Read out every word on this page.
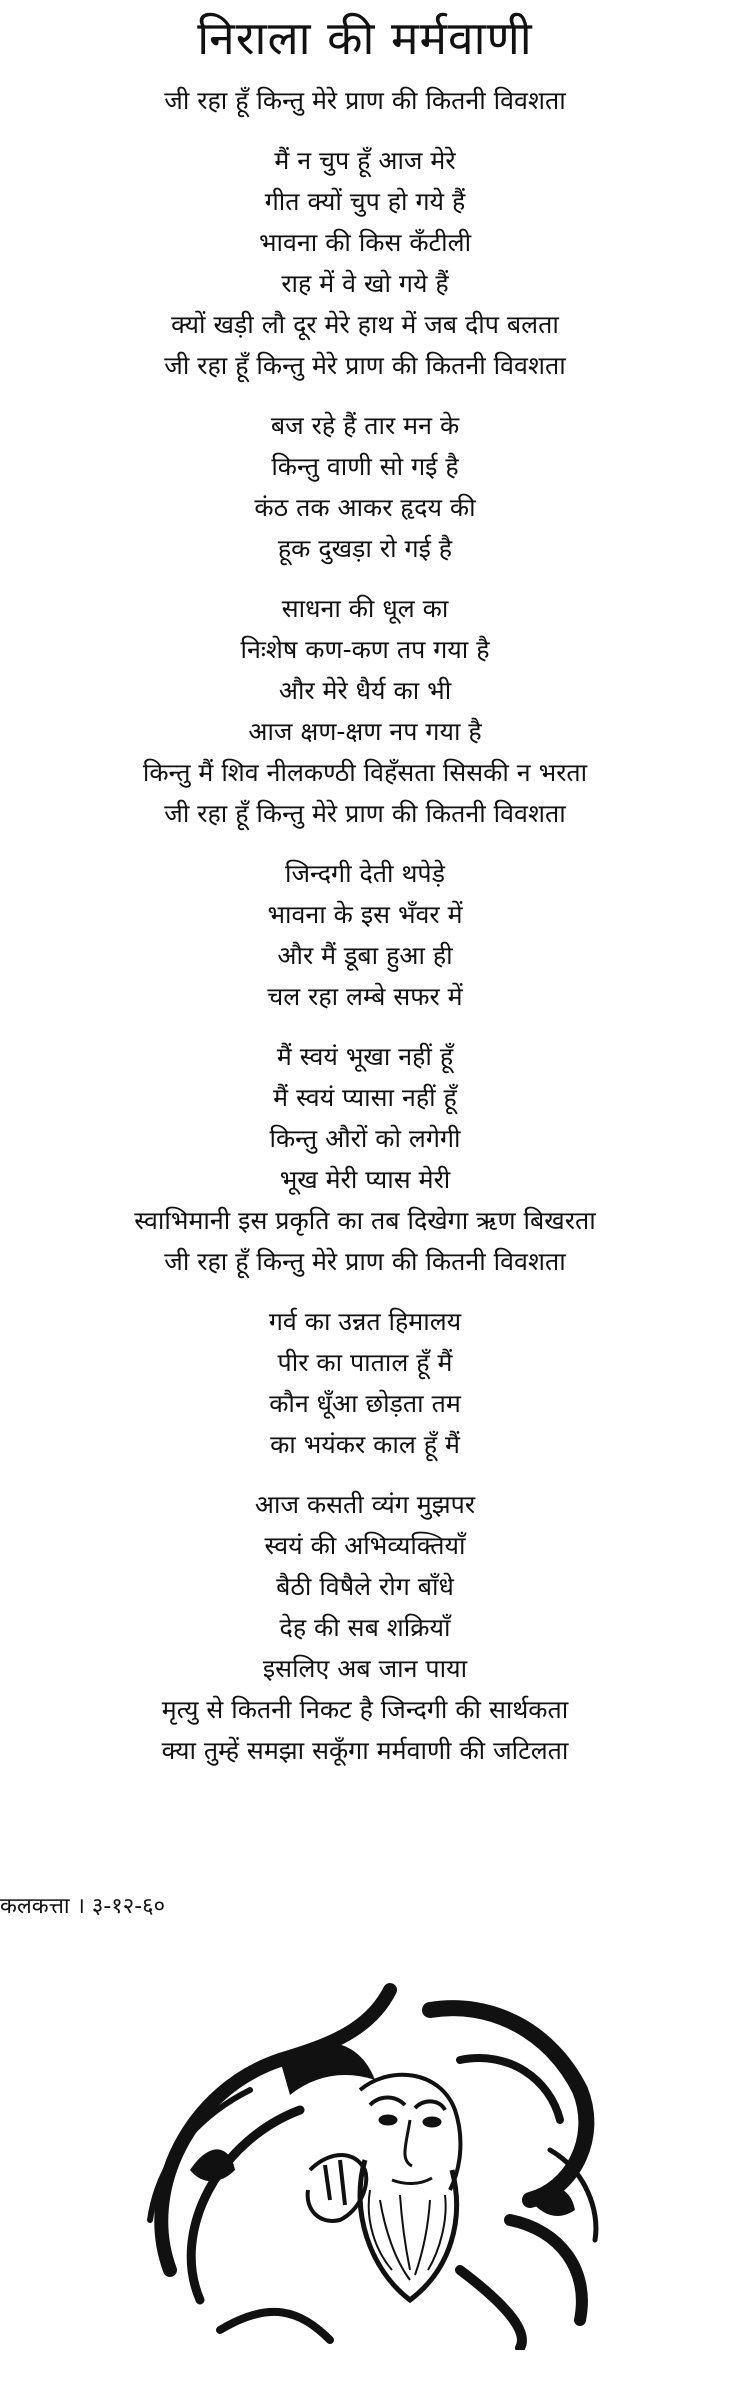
निराला की मर्मवाणी
जी रहा हूँ किन्तु मेरे प्राण की कितनी विवशता
मैं न चुप हूँ आज मेरे
गीत क्यों चुप हो गये हैं
भावना की किस कँटीली
राह में वे खो गये हैं
क्यों खड़ी लौ दूर मेरे हाथ में जब दीप बलता
जी रहा हूँ किन्तु मेरे प्राण की कितनी विवशता
बज रहे हैं तार मन के
किन्तु वाणी सो गई है
कंठ तक आकर हृदय की
हूक दुखड़ा रो गई है
साधना की धूल का
निःशेष कण-कण तप गया है
और मेरे धैर्य का भी
आज क्षण-क्षण नप गया है
किन्तु मैं शिव नीलकण्ठी विहँसता सिसकी न भरता
जी रहा हूँ किन्तु मेरे प्राण की कितनी विवशता
जिन्दगी देती थपेड़े
भावना के इस भँवर में
और मैं डूबा हुआ ही
चल रहा लम्बे सफर में
मैं स्वयं भूखा नहीं हूँ
मैं स्वयं प्यासा नहीं हूँ
किन्तु औरों को लगेगी
भूख मेरी प्यास मेरी
स्वाभिमानी इस प्रकृति का तब दिखेगा ऋण बिखरता
जी रहा हूँ किन्तु मेरे प्राण की कितनी विवशता
गर्व का उन्नत हिमालय
पीर का पाताल हूँ मैं
कौन धूँआ छोड़ता तम
का भयंकर काल हूँ मैं
आज कसती व्यंग मुझपर
स्वयं की अभिव्यक्तियाँ
बैठी विषैले रोग बाँधे
देह की सब शक्रियाँ
इसलिए अब जान पाया
मृत्यु से कितनी निकट है जिन्दगी की सार्थकता
क्या तुम्हें समझा सकूँगा मर्मवाणी की जटिलता
कलकत्ता । ३-१२-६०
